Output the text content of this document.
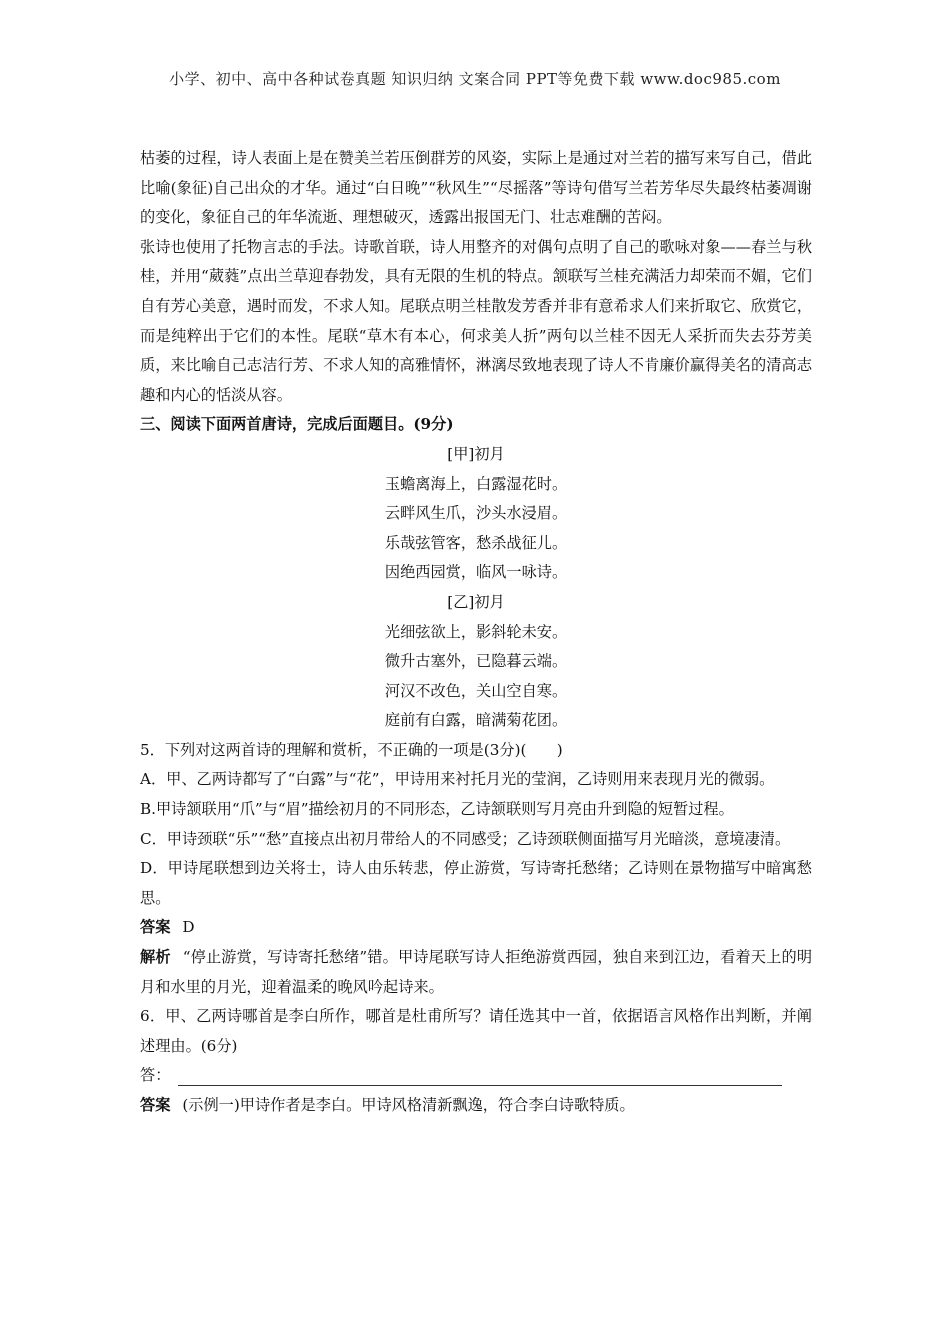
小学、初中、高中各种试卷真题 知识归纳 文案合同 PPT等免费下载 www.doc985.com

枯萎的过程，诗人表面上是在赞美兰若压倒群芳的风姿，实际上是通过对兰若的描写来写自己，借此比喻(象征)自己出众的才华。通过“白日晚”“秋风生”“尽摇落”等诗句借写兰若芳华尽失最终枯萎凋谢的变化，象征自己的年华流逝、理想破灭，透露出报国无门、壮志难酬的苦闷。

张诗也使用了托物言志的手法。诗歌首联，诗人用整齐的对偶句点明了自己的歌咏对象——春兰与秋桂，并用“葳蕤”点出兰草迎春勃发，具有无限的生机的特点。颔联写兰桂充满活力却荣而不媚，它们自有芳心美意，遇时而发，不求人知。尾联点明兰桂散发芳香并非有意希求人们来折取它、欣赏它，而是纯粹出于它们的本性。尾联“草木有本心，何求美人折”两句以兰桂不因无人采折而失去芬芳美质，来比喻自己志洁行芳、不求人知的高雅情怀，淋漓尽致地表现了诗人不肯廉价赢得美名的清高志趣和内心的恬淡从容。

三、阅读下面两首唐诗，完成后面题目。(9分)

[甲]初月
玉蟾离海上，白露湿花时。
云畔风生爪，沙头水浸眉。
乐哉弦管客，愁杀战征儿。
因绝西园赏，临风一咏诗。
[乙]初月
光细弦欲上，影斜轮未安。
微升古塞外，已隐暮云端。
河汉不改色，关山空自寒。
庭前有白露，暗满菊花团。

5．下列对这两首诗的理解和赏析，不正确的一项是(3分)(　　)

A．甲、乙两诗都写了“白露”与“花”，甲诗用来衬托月光的莹润，乙诗则用来表现月光的微弱。

B.甲诗颔联用“爪”与“眉”描绘初月的不同形态，乙诗颔联则写月亮由升到隐的短暂过程。

C．甲诗颈联“乐”“愁”直接点出初月带给人的不同感受；乙诗颈联侧面描写月光暗淡，意境凄清。

D．甲诗尾联想到边关将士，诗人由乐转悲，停止游赏，写诗寄托愁绪；乙诗则在景物描写中暗寓愁思。

答案 D

解析 “停止游赏，写诗寄托愁绪”错。甲诗尾联写诗人拒绝游赏西园，独自来到江边，看着天上的明月和水里的月光，迎着温柔的晚风吟起诗来。

6．甲、乙两诗哪首是李白所作，哪首是杜甫所写？请任选其中一首，依据语言风格作出判断，并阐述理由。(6分)

答：

答案 (示例一)甲诗作者是李白。甲诗风格清新飘逸，符合李白诗歌特质。
